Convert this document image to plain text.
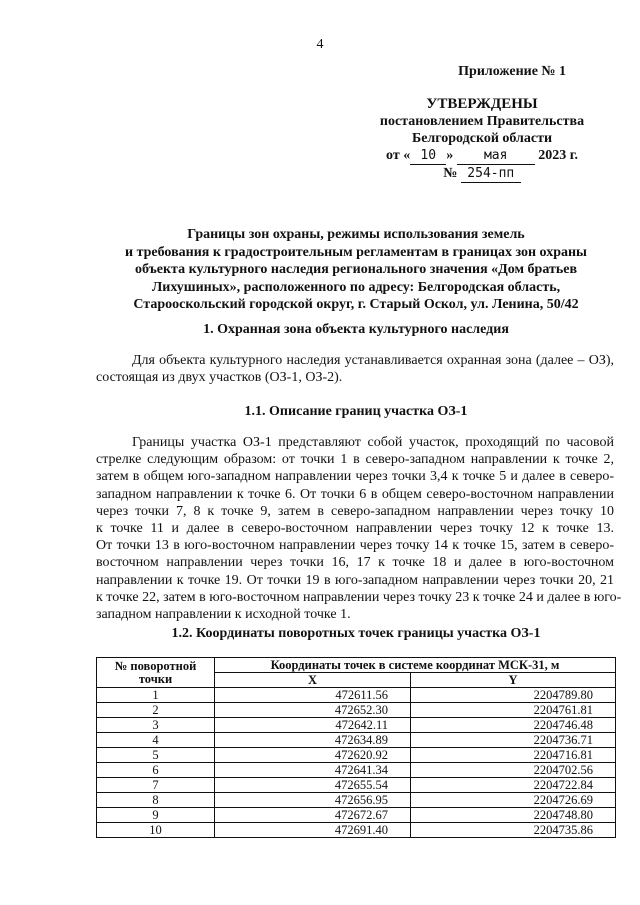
4
Приложение № 1
УТВЕРЖДЕНЫ
постановлением Правительства
Белгородской области
от « 10 » мая 2023 г.
№ 254-пп
Границы зон охраны, режимы использования земель
и требования к градостроительным регламентам в границах зон охраны
объекта культурного наследия регионального значения «Дом братьев
Лихушиных», расположенного по адресу: Белгородская область,
Старооскольский городской округ, г. Старый Оскол, ул. Ленина, 50/42
1. Охранная зона объекта культурного наследия
Для объекта культурного наследия устанавливается охранная зона (далее – ОЗ),
состоящая из двух участков (ОЗ-1, ОЗ-2).
1.1. Описание границ участка ОЗ-1
Границы участка ОЗ-1 представляют собой участок, проходящий по часовой
стрелке следующим образом: от точки 1 в северо-западном направлении к точке 2,
затем в общем юго-западном направлении через точки 3,4 к точке 5 и далее в северо-
западном направлении к точке 6. От точки 6 в общем северо-восточном направлении
через точки 7, 8 к точке 9, затем в северо-западном направлении через точку 10
к точке 11 и далее в северо-восточном направлении через точку 12 к точке 13.
От точки 13 в юго-восточном направлении через точку 14 к точке 15, затем в северо-
восточном направлении через точки 16, 17 к точке 18 и далее в юго-восточном
направлении к точке 19. От точки 19 в юго-западном направлении через точки 20, 21
к точке 22, затем в юго-восточном направлении через точку 23 к точке 24 и далее в юго-
западном направлении к исходной точке 1.
1.2. Координаты поворотных точек границы участка ОЗ-1
№ поворотной точки	Координаты точек в системе координат МСК-31, м	
	X	Y
1	472611.56	2204789.80
2	472652.30	2204761.81
3	472642.11	2204746.48
4	472634.89	2204736.71
5	472620.92	2204716.81
6	472641.34	2204702.56
7	472655.54	2204722.84
8	472656.95	2204726.69
9	472672.67	2204748.80
10	472691.40	2204735.86
